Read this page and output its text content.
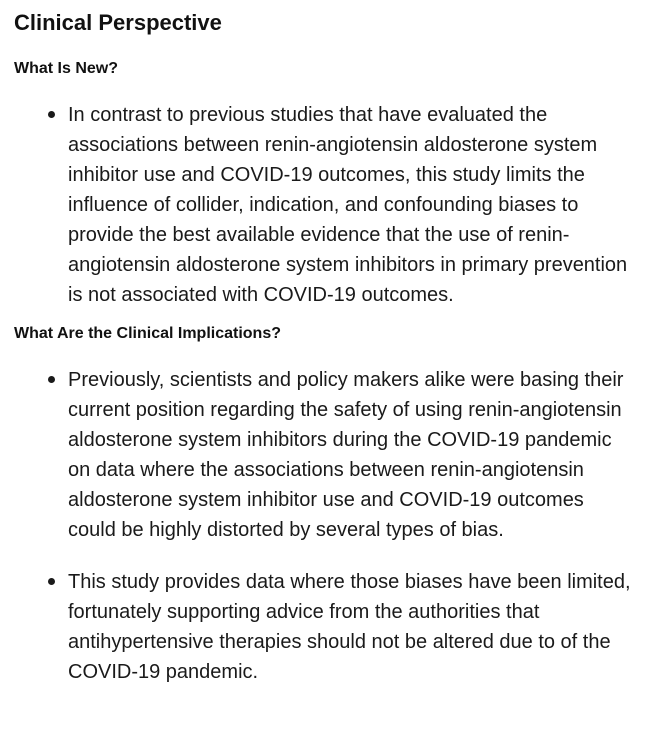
Clinical Perspective
What Is New?
In contrast to previous studies that have evaluated the associations between renin-angiotensin aldosterone system inhibitor use and COVID-19 outcomes, this study limits the influence of collider, indication, and confounding biases to provide the best available evidence that the use of renin-angiotensin aldosterone system inhibitors in primary prevention is not associated with COVID-19 outcomes.
What Are the Clinical Implications?
Previously, scientists and policy makers alike were basing their current position regarding the safety of using renin-angiotensin aldosterone system inhibitors during the COVID-19 pandemic on data where the associations between renin-angiotensin aldosterone system inhibitor use and COVID-19 outcomes could be highly distorted by several types of bias.
This study provides data where those biases have been limited, fortunately supporting advice from the authorities that antihypertensive therapies should not be altered due to of the COVID-19 pandemic.
